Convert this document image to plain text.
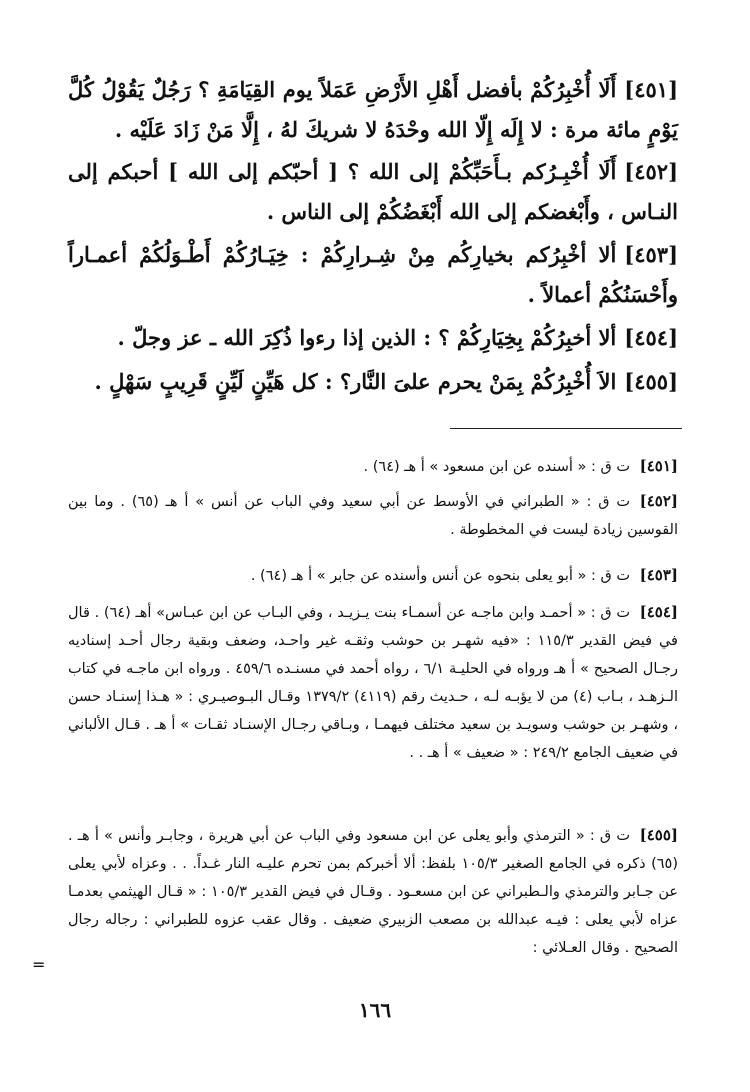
[٤٥١]أَلَا أُخْبِرُكُمْ بأفضل أَهْلِ الأَرْضِ عَمَلاً يوم القِيَامَةِ ؟ رَجُلٌ يَقُوْلُ كُلَّ يَوْمٍ مائة مرة : لا إِلَه إِلّا الله وحْدَهُ لا شريكَ لهُ ، إِلَّا مَنْ زَادَ عَلَيْه .
[٤٥٢]أَلَا أُخْبِـرُكم بـأَحَبِّكُمْ إلى الله ؟ [ أحبّكم إلى الله ] أحبكم إلى النـاس ، وأَبْغضكم إلى الله أَبْغَضُكُمْ إلى الناس .
[٤٥٣]ألا أخْبِرُكم بخيارِكُم مِنْ شِـرارِكُمْ : خِيَـارُكُمْ أَطْـوَلُكُمْ أعمـاراً وأَحْسَنُكُمْ أعمالاً .
[٤٥٤]ألا أخبِرُكُمْ بِخِيَارِكُمْ ؟ : الذين إذا رءوا ذُكِرَ الله ـ عز وجلّ .
[٤٥٥]الاَ أُخْبِرُكُمْ بِمَنْ يحرم علىَ النَّار؟ : كل هَيِّنٍ لَيِّنٍ قَرِيبٍ سَهْلٍ .
[٤٥١]ت ق : « أسنده عن ابن مسعود » أ هـ (٦٤) .
[٤٥٢]ت ق : « الطبراني في الأوسط عن أبي سعيد وفي الباب عن أنس » أ هـ (٦٥) . وما بين القوسين زيادة ليست في المخطوطة .
[٤٥٣]ت ق : « أبو يعلى بنحوه عن أنس وأسنده عن جابر » أ هـ (٦٤) .
[٤٥٤]ت ق : « أحمـد وابن ماجـه عن أسمـاء بنت يـزيـد ، وفي البـاب عن ابن عبـاس» أهـ (٦٤) . قال في فيض القدير ١١٥/٣ : «فيه شهـر بن حوشب وثقـه غير واحـد، وضعف وبقية رجال أحـد إسناديه رجـال الصحيح » أ هـ ورواه في الحليـة ٦/١ ، رواه أحمد في مسنـده ٤٥٩/٦ . ورواه ابن ماجـه في كتاب الـزهـد ، بـاب (٤) من لا يؤبـه لـه ، حـديث رقم (٤١١٩) ١٣٧٩/٢ وقـال البـوصيـري : « هـذا إسنـاد حسن ، وشهـر بن حوشب وسويـد بن سعيد مختلف فيهمـا ، وبـاقي رجـال الإسنـاد ثقـات » أ هـ . قـال الألباني في ضعيف الجامع ٢٤٩/٢ : « ضعيف » أ هـ . .
[٤٥٥]ت ق : « الترمذي وأبو يعلى عن ابن مسعود وفي الباب عن أبي هريرة ، وجابـر وأنس » أ هـ . (٦٥) ذكره في الجامع الصغير ١٠٥/٣ بلفظ: ألا أخبركم بمن تحرم عليـه النار غـداً. . . وعزاه لأبي يعلى عن جـابر والترمذي والـطبراني عن ابن مسعـود . وقـال في فيض القدير ١٠٥/٣ : « قـال الهيثمي بعدمـا عزاه لأبي يعلى : فيـه عبدالله بن مصعب الزبيري ضعيف . وقال عقب عزوه للطبراني : رجاله رجال الصحيح . وقال العـلائي :
=
١٦٦
